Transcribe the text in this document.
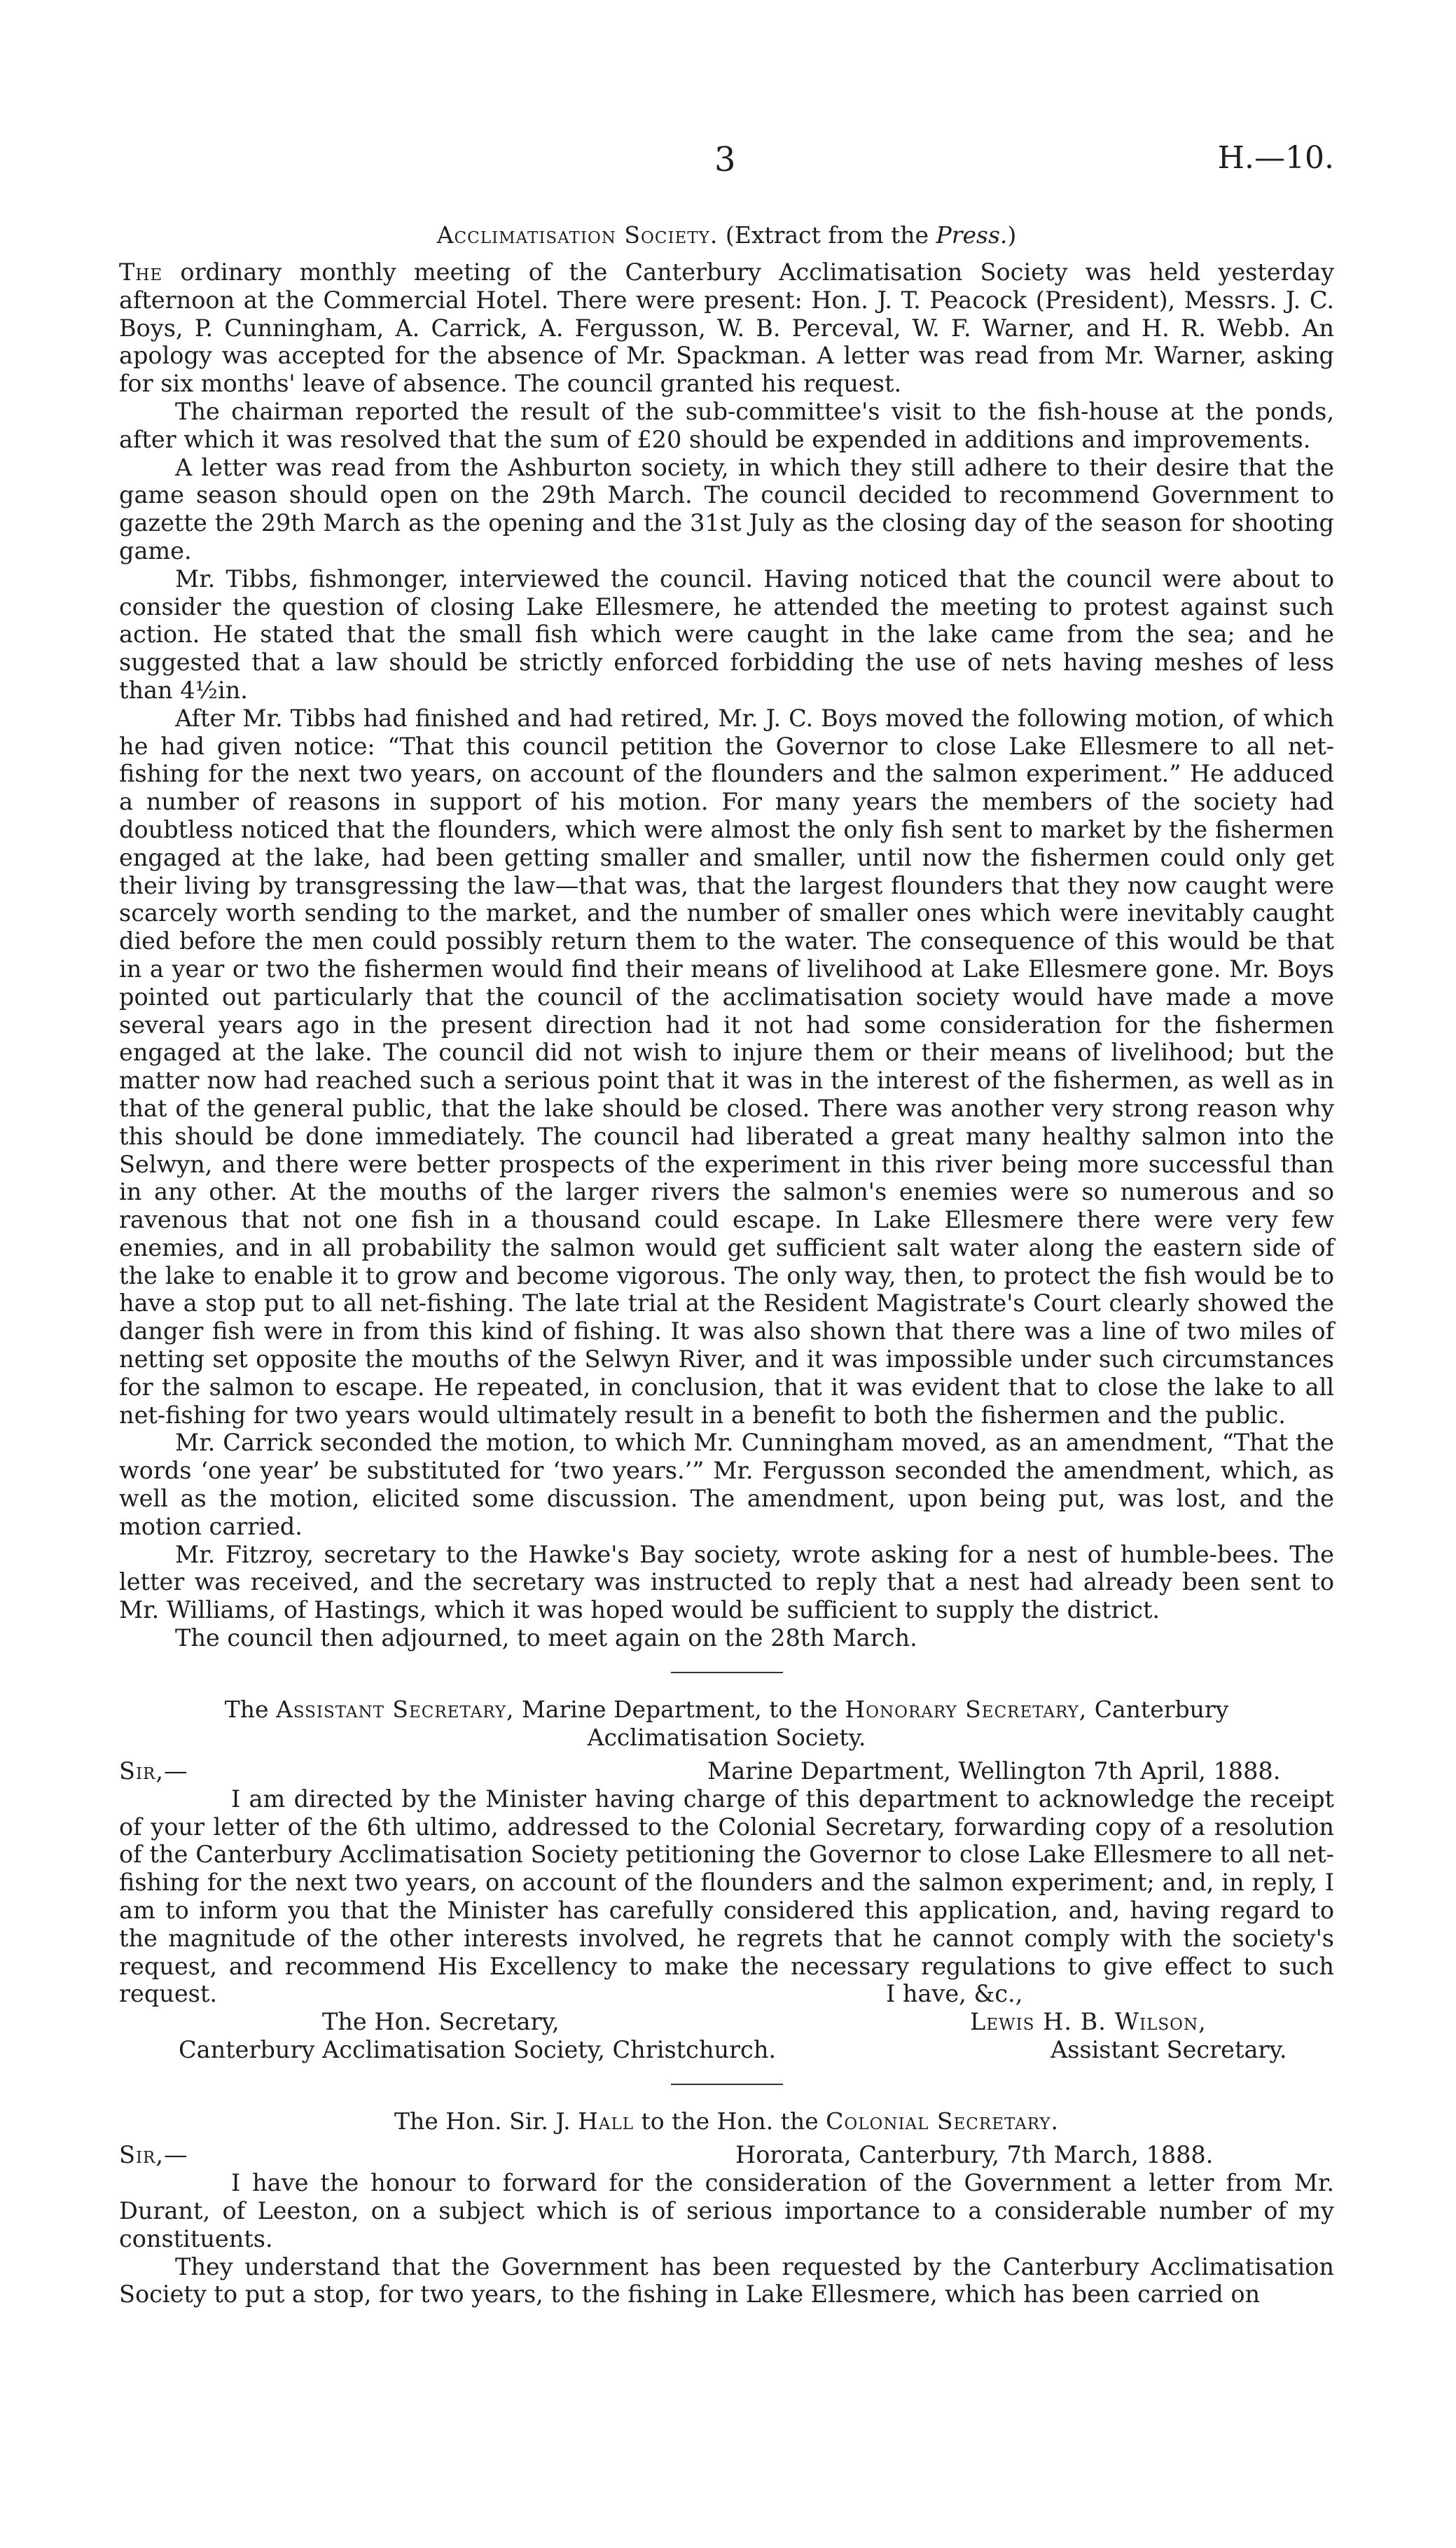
3	H.—10.
Acclimatisation Society. (Extract from the Press.)

The ordinary monthly meeting of the Canterbury Acclimatisation Society was held yesterday afternoon at the Commercial Hotel. There were present: Hon. J. T. Peacock (President), Messrs. J. C. Boys, P. Cunningham, A. Carrick, A. Fergusson, W. B. Perceval, W. F. Warner, and H. R. Webb. An apology was accepted for the absence of Mr. Spackman. A letter was read from Mr. Warner, asking for six months' leave of absence. The council granted his request.

The chairman reported the result of the sub-committee's visit to the fish-house at the ponds, after which it was resolved that the sum of £20 should be expended in additions and improvements.

A letter was read from the Ashburton society, in which they still adhere to their desire that the game season should open on the 29th March. The council decided to recommend Government to gazette the 29th March as the opening and the 31st July as the closing day of the season for shooting game.

Mr. Tibbs, fishmonger, interviewed the council. Having noticed that the council were about to consider the question of closing Lake Ellesmere, he attended the meeting to protest against such action. He stated that the small fish which were caught in the lake came from the sea; and he suggested that a law should be strictly enforced forbidding the use of nets having meshes of less than 4½in.

After Mr. Tibbs had finished and had retired, Mr. J. C. Boys moved the following motion, of which he had given notice: “That this council petition the Governor to close Lake Ellesmere to all net-fishing for the next two years, on account of the flounders and the salmon experiment.” He adduced a number of reasons in support of his motion. For many years the members of the society had doubtless noticed that the flounders, which were almost the only fish sent to market by the fishermen engaged at the lake, had been getting smaller and smaller, until now the fishermen could only get their living by transgressing the law—that was, that the largest flounders that they now caught were scarcely worth sending to the market, and the number of smaller ones which were inevitably caught died before the men could possibly return them to the water. The consequence of this would be that in a year or two the fishermen would find their means of livelihood at Lake Ellesmere gone. Mr. Boys pointed out particularly that the council of the acclimatisation society would have made a move several years ago in the present direction had it not had some consideration for the fishermen engaged at the lake. The council did not wish to injure them or their means of livelihood; but the matter now had reached such a serious point that it was in the interest of the fishermen, as well as in that of the general public, that the lake should be closed. There was another very strong reason why this should be done immediately. The council had liberated a great many healthy salmon into the Selwyn, and there were better prospects of the experiment in this river being more successful than in any other. At the mouths of the larger rivers the salmon's enemies were so numerous and so ravenous that not one fish in a thousand could escape. In Lake Ellesmere there were very few enemies, and in all probability the salmon would get sufficient salt water along the eastern side of the lake to enable it to grow and become vigorous. The only way, then, to protect the fish would be to have a stop put to all net-fishing. The late trial at the Resident Magistrate's Court clearly showed the danger fish were in from this kind of fishing. It was also shown that there was a line of two miles of netting set opposite the mouths of the Selwyn River, and it was impossible under such circumstances for the salmon to escape. He repeated, in conclusion, that it was evident that to close the lake to all net-fishing for two years would ultimately result in a benefit to both the fishermen and the public.

Mr. Carrick seconded the motion, to which Mr. Cunningham moved, as an amendment, “That the words ‘one year’ be substituted for ‘two years.’” Mr. Fergusson seconded the amendment, which, as well as the motion, elicited some discussion. The amendment, upon being put, was lost, and the motion carried.

Mr. Fitzroy, secretary to the Hawke's Bay society, wrote asking for a nest of humble-bees. The letter was received, and the secretary was instructed to reply that a nest had already been sent to Mr. Williams, of Hastings, which it was hoped would be sufficient to supply the district.

The council then adjourned, to meet again on the 28th March.

The Assistant Secretary, Marine Department, to the Honorary Secretary, Canterbury Acclimatisation Society.
Sir,—	Marine Department, Wellington 7th April, 1888.

I am directed by the Minister having charge of this department to acknowledge the receipt of your letter of the 6th ultimo, addressed to the Colonial Secretary, forwarding copy of a resolution of the Canterbury Acclimatisation Society petitioning the Governor to close Lake Ellesmere to all net-fishing for the next two years, on account of the flounders and the salmon experiment; and, in reply, I am to inform you that the Minister has carefully considered this application, and, having regard to the magnitude of the other interests involved, he regrets that he cannot comply with the society's request, and recommend His Excellency to make the necessary regulations to give effect to such request.	I have, &c.,
The Hon. Secretary,	Lewis H. B. Wilson,
Canterbury Acclimatisation Society, Christchurch.	Assistant Secretary.
The Hon. Sir. J. Hall to the Hon. the Colonial Secretary.
Sir,—	Hororata, Canterbury, 7th March, 1888.

I have the honour to forward for the consideration of the Government a letter from Mr. Durant, of Leeston, on a subject which is of serious importance to a considerable number of my constituents.

They understand that the Government has been requested by the Canterbury Acclimatisation Society to put a stop, for two years, to the fishing in Lake Ellesmere, which has been carried on
